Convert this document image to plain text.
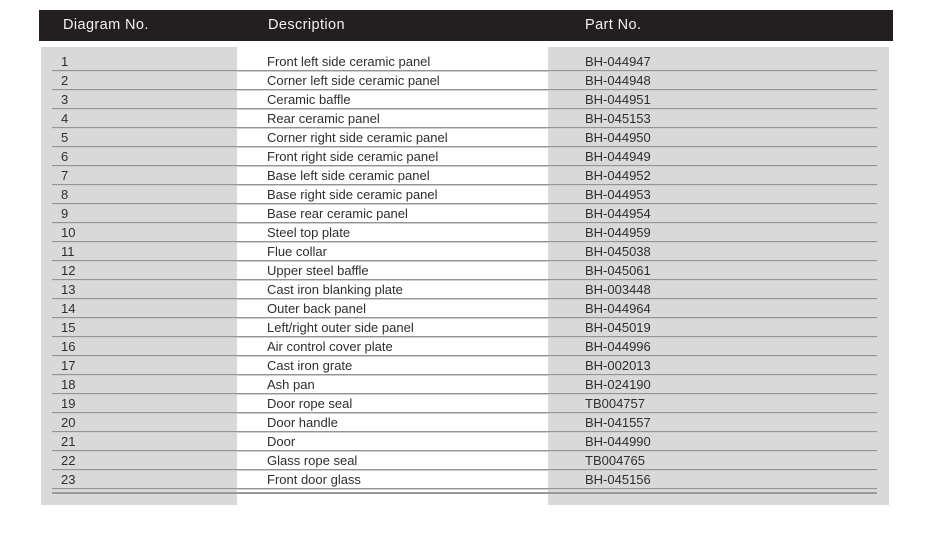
Diagram No.	Description	Part No.
1	Front left side ceramic panel	BH-044947
2	Corner left side ceramic panel	BH-044948
3	Ceramic baffle	BH-044951
4	Rear ceramic panel	BH-045153
5	Corner right side ceramic panel	BH-044950
6	Front right side ceramic panel	BH-044949
7	Base left side ceramic panel	BH-044952
8	Base right side ceramic panel	BH-044953
9	Base rear ceramic panel	BH-044954
10	Steel top plate	BH-044959
11	Flue collar	BH-045038
12	Upper steel baffle	BH-045061
13	Cast iron blanking plate	BH-003448
14	Outer back panel	BH-044964
15	Left/right outer side panel	BH-045019
16	Air control cover plate	BH-044996
17	Cast iron grate	BH-002013
18	Ash pan	BH-024190
19	Door rope seal	TB004757
20	Door handle	BH-041557
21	Door	BH-044990
22	Glass rope seal	TB004765
23	Front door glass	BH-045156
